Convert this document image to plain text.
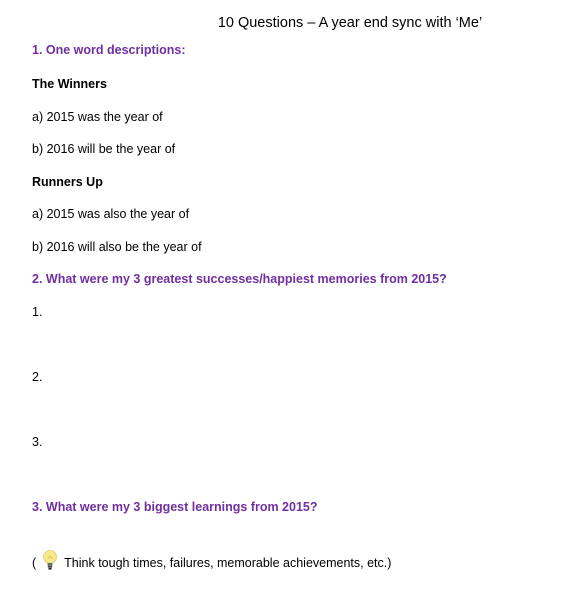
10 Questions – A year end sync with ‘Me’
1. One word descriptions:
The Winners
a) 2015 was the year of
b) 2016 will be the year of
Runners Up
a) 2015 was also the year of
b) 2016 will also be the year of
2. What were my 3 greatest successes/happiest memories from 2015?
1.
2.
3.
3. What were my 3 biggest learnings from 2015?
( Think tough times, failures, memorable achievements, etc.)
